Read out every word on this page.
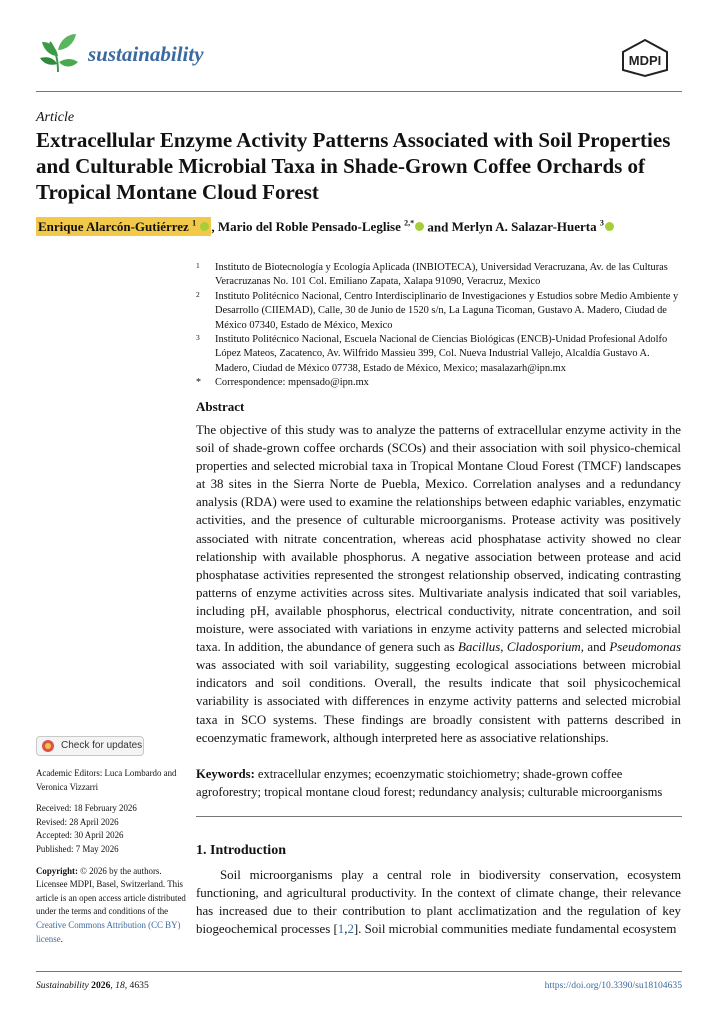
sustainability	MDPI
Article
Extracellular Enzyme Activity Patterns Associated with Soil Properties and Culturable Microbial Taxa in Shade-Grown Coffee Orchards of Tropical Montane Cloud Forest
Enrique Alarcón-Gutiérrez $^1$ , Mario del Roble Pensado-Leglise $^{2,*}$ and Merlyn A. Salazar-Huerta $^3$
1 Instituto de Biotecnología y Ecología Aplicada (INBIOTECA), Universidad Veracruzana, Av. de las Culturas Veracruzanas No. 101 Col. Emiliano Zapata, Xalapa 91090, Veracruz, Mexico
2 Instituto Politécnico Nacional, Centro Interdisciplinario de Investigaciones y Estudios sobre Medio Ambiente y Desarrollo (CIIEMAD), Calle, 30 de Junio de 1520 s/n, La Laguna Ticoman, Gustavo A. Madero, Ciudad de México 07340, Estado de México, Mexico
3 Instituto Politécnico Nacional, Escuela Nacional de Ciencias Biológicas (ENCB)-Unidad Profesional Adolfo López Mateos, Zacatenco, Av. Wilfrido Massieu 399, Col. Nueva Industrial Vallejo, Alcaldía Gustavo A. Madero, Ciudad de México 07738, Estado de México, Mexico; masalazarh@ipn.mx
* Correspondence: mpensado@ipn.mx
Abstract
The objective of this study was to analyze the patterns of extracellular enzyme activity in the soil of shade-grown coffee orchards (SCOs) and their association with soil physico-chemical properties and selected microbial taxa in Tropical Montane Cloud Forest (TMCF) landscapes at 38 sites in the Sierra Norte de Puebla, Mexico. Correlation analyses and a redundancy analysis (RDA) were used to examine the relationships between edaphic variables, enzymatic activities, and the presence of culturable microorganisms. Protease activity was positively associated with nitrate concentration, whereas acid phosphatase activity showed no clear relationship with available phosphorus. A negative association between protease and acid phosphatase activities represented the strongest relationship observed, indicating contrasting patterns of enzyme activities across sites. Multivariate analysis indicated that soil variables, including pH, available phosphorus, electrical conductivity, nitrate concentration, and soil moisture, were associated with variations in enzyme activity patterns and selected microbial taxa. In addition, the abundance of genera such as Bacillus, Cladosporium, and Pseudomonas was associated with soil variability, suggesting ecological associations between microbial indicators and soil conditions. Overall, the results indicate that soil physicochemical variability is associated with differences in enzyme activity patterns and selected microbial taxa in SCO systems. These findings are broadly consistent with patterns described in ecoenzymatic framework, although interpreted here as associative relationships.
Keywords: extracellular enzymes; ecoenzymatic stoichiometry; shade-grown coffee agroforestry; tropical montane cloud forest; redundancy analysis; culturable microorganisms
1. Introduction
Soil microorganisms play a central role in biodiversity conservation, ecosystem functioning, and agricultural productivity. In the context of climate change, their relevance has increased due to their contribution to plant acclimatization and the regulation of key biogeochemical processes [1,2]. Soil microbial communities mediate fundamental ecosystem
Check for updates

Academic Editors: Luca Lombardo and Veronica Vizzarri

Received: 18 February 2026

Revised: 28 April 2026

Accepted: 30 April 2026

Published: 7 May 2026

Copyright: © 2026 by the authors. Licensee MDPI, Basel, Switzerland. This article is an open access article distributed under the terms and conditions of the Creative Commons Attribution (CC BY) license.

Sustainability 2026, 18, 4635	https://doi.org/10.3390/su18104635
